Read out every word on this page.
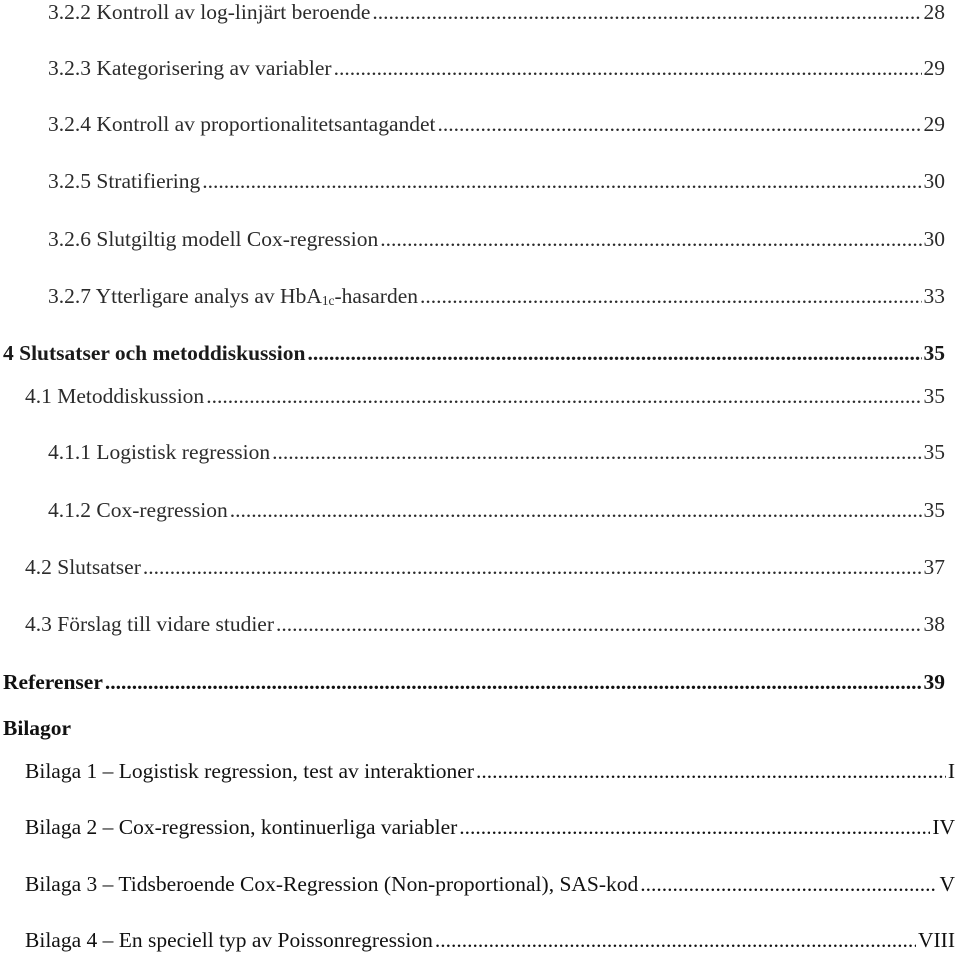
3.2.2 Kontroll av log-linjärt beroende .....	28
3.2.3 Kategorisering av variabler .....	29
3.2.4 Kontroll av proportionalitetsantagandet .....	29
3.2.5 Stratifiering .....	30
3.2.6 Slutgiltig modell Cox-regression .....	30
3.2.7 Ytterligare analys av HbA1c-hasarden .....	33
4 Slutsatser och metoddiskussion .....	35
4.1 Metoddiskussion .....	35
4.1.1 Logistisk regression .....	35
4.1.2 Cox-regression .....	35
4.2 Slutsatser .....	37
4.3 Förslag till vidare studier .....	38
Referenser .....	39
Bilagor
Bilaga 1 – Logistisk regression, test av interaktioner .....	I
Bilaga 2 – Cox-regression, kontinuerliga variabler .....	IV
Bilaga 3 – Tidsberoende Cox-Regression (Non-proportional), SAS-kod .....	V
Bilaga 4 – En speciell typ av Poissonregression .....	VIII
